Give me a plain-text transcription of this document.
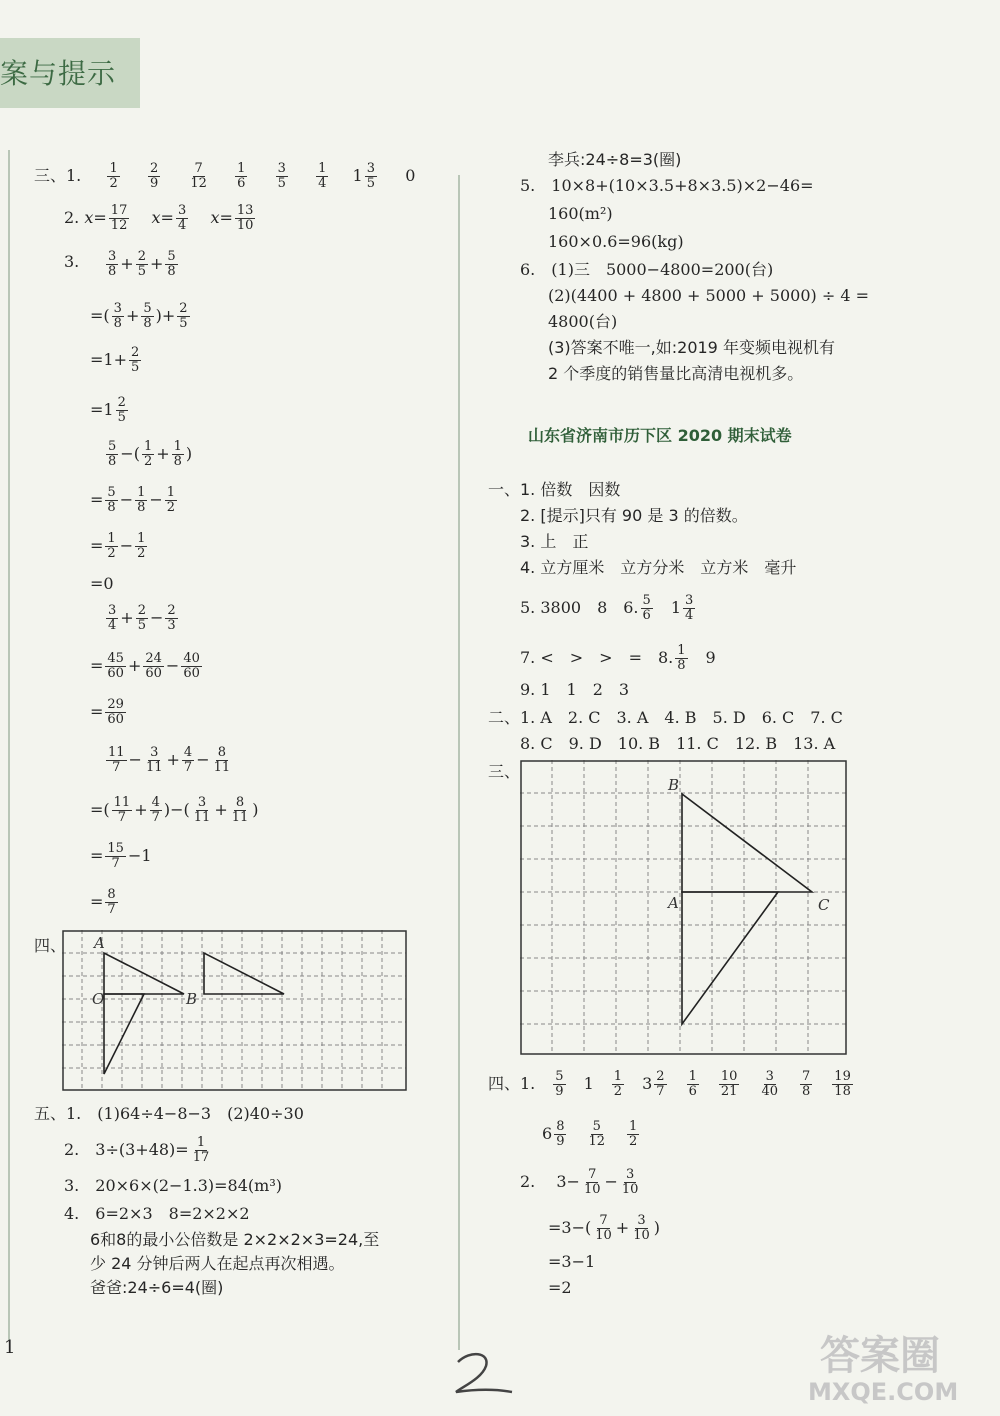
案与提示
三、1. $\frac{1}{2}$
$\frac{2}{9}$
$\frac{7}{12}$
$\frac{1}{6}$
$\frac{3}{5}$
$\frac{1}{4} 1 \frac{3}{5} 0$
2. $x= \frac{17}{12} x= \frac{3}{4} x= \frac{13}{10}$
3. $\frac{3}{8} + \frac{2}{5} + \frac{5}{8}$
=( $\frac{3}{8} + \frac{5}{8}$ )+ $\frac{2}{5}$
$=1+ \frac{2}{5}$
$=1 \frac{2}{5}$
$\frac{5}{8}$ −( $\frac{1}{2} + \frac{1}{8}$ )
= $\frac{5}{8} - \frac{1}{8} - \frac{1}{2}$
= $\frac{1}{2} - \frac{1}{2}$
=0
$\frac{3}{4} + \frac{2}{5} - \frac{2}{3}$
= $\frac{45}{60} + \frac{24}{60} - \frac{40}{60}$
= $\frac{29}{60}$
$\frac{11}{7} - \frac{3}{11} + \frac{4}{7} - \frac{8}{11}$
=( $\frac{11}{7} + \frac{4}{7}$ )−( $\frac{3}{11} + \frac{8}{11}$ )
= $\frac{15}{7} -1$
= $\frac{8}{7}$
四、 A
O	B
五、1.　 (1)64÷4−8−3　(2)40÷30
2.　 $3\div(3+48)= \frac{1}{17}$
3.　 20×6×(2−1.3)=84(m³)
4.　 6=2×3　8=2×2×2
6和8的最小公倍数是 2×2×2×3=24,至
少 24 分钟后两人在起点再次相遇。
爸爸:24÷6=4(圈)
1
李兵:24÷8=3(圈)
5.　 10×8+(10×3.5+8×3.5)×2−46=
160(m²)
160×0.6=96(kg)
6.　 (1)三　5000−4800=200(台)
(2)(4400 + 4800 + 5000 + 5000) ÷ 4 =
4800(台)
(3)答案不唯一,如:2019 年变频电视机有
2 个季度的销售量比高清电视机多。
山东省济南市历下区 2020 期末试卷
一、1. 倍数　因数
2. [提示]只有 90 是 3 的倍数。
3. 上　正
4. 立方厘米　立方分米　立方米　毫升
5. 3800　8　6. $\frac{5}{6}$
　 $1 \frac{3}{4}$
7. <　>　>　=　8. $\frac{1}{8}$
　 9
9. 1　1　2　3
二、1. A　2. C　3. A　4. B　5. D　6. C　7. C
8. C　9. D　10. B　11. C　12. B　13. A
三、
B
A	C
四、1.　 $\frac{5}{9}$
　 1　 $\frac{1}{2}$
　 $3 \frac{2}{7}$
　 $\frac{1}{6}$
　 $\frac{10}{21}$
　 $\frac{3}{40}$
　 $\frac{7}{8}$
　 $\frac{19}{18}$
$6 \frac{8}{9}$
　 $\frac{5}{12}$
　 $\frac{1}{2}$
2.　 $3- \frac{7}{10} - \frac{3}{10}$
$=3-( \frac{7}{10} + \frac{3}{10}$ )
=3−1
=2
答案圈
MXQE.COM
